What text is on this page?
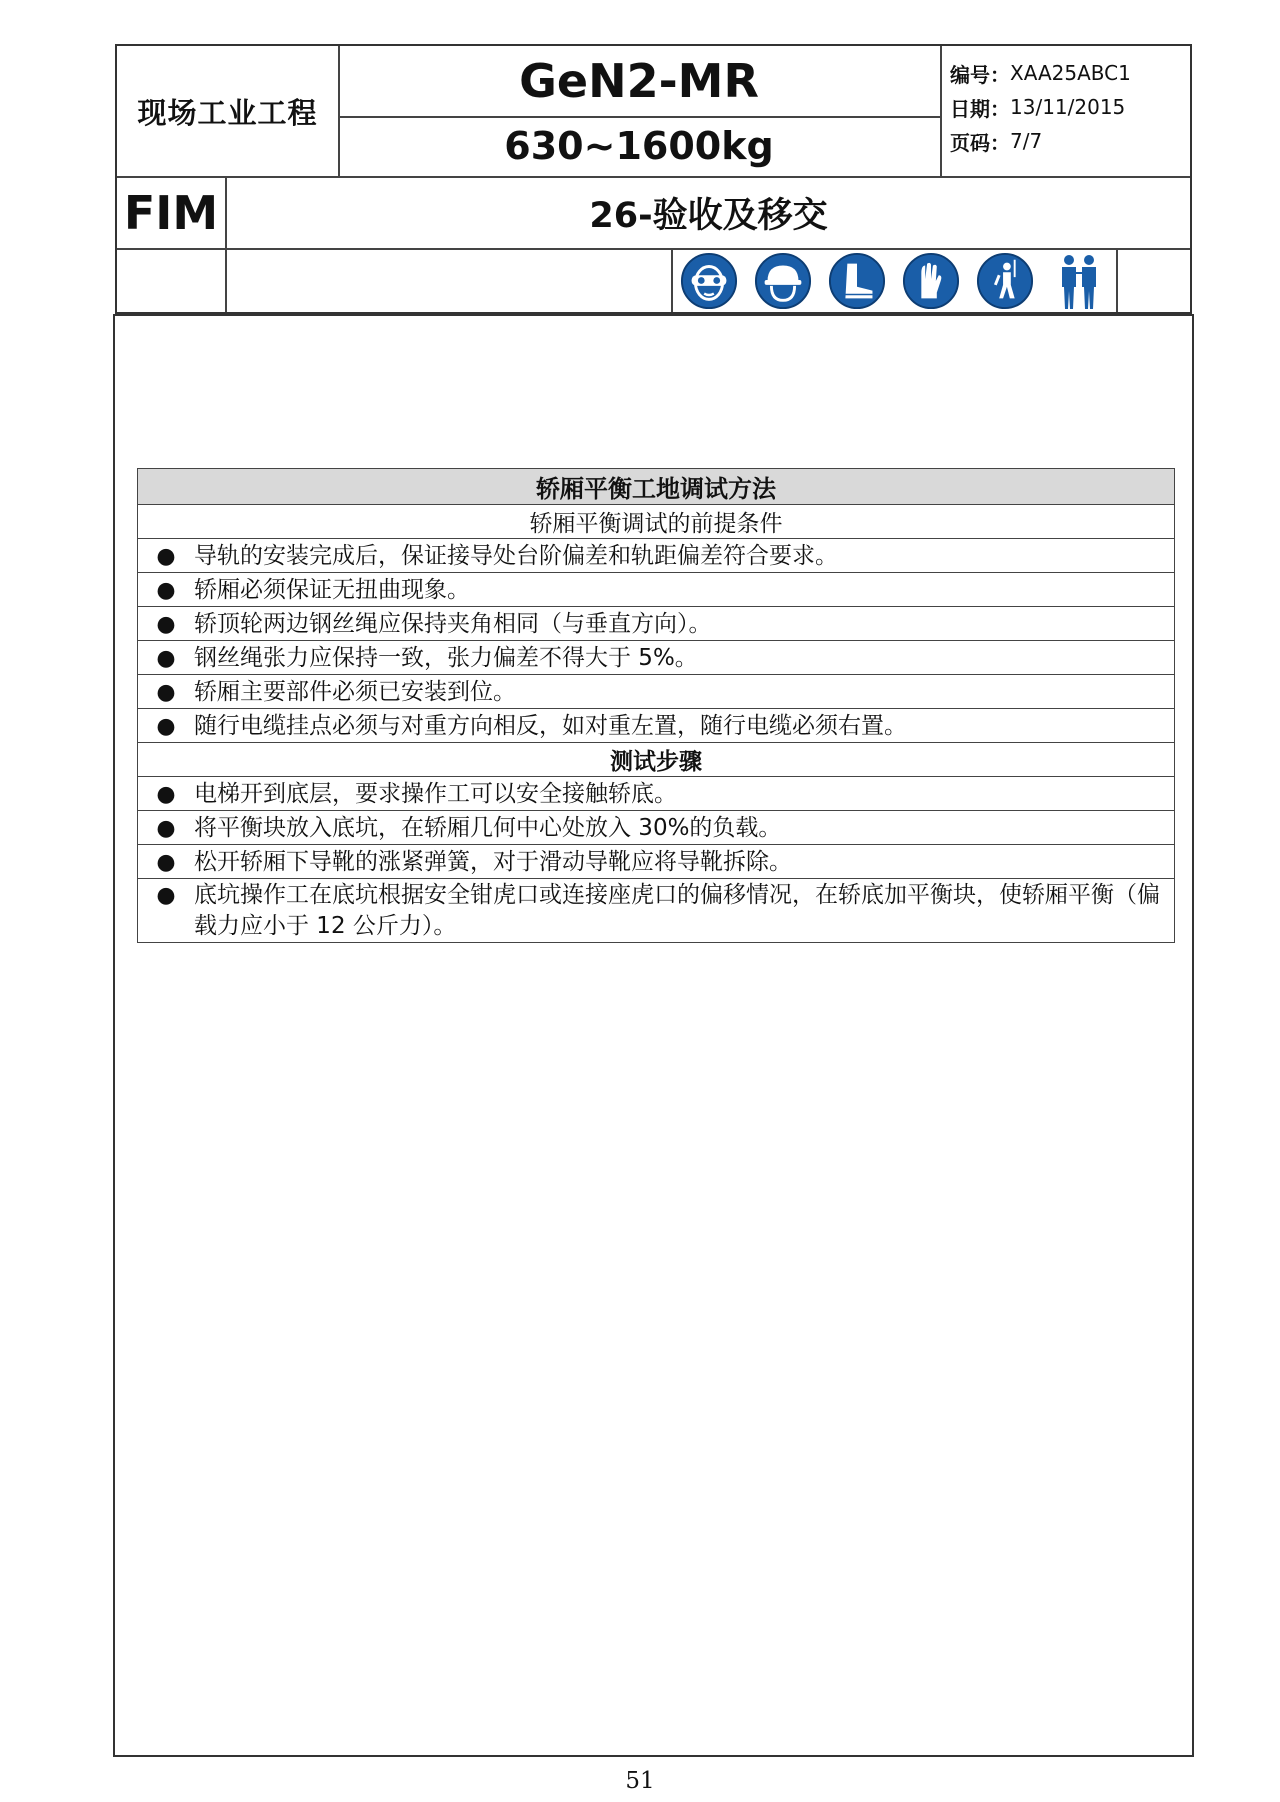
现场工业工程
GeN2-MR
630~1600kg
编号： XAA25ABC1
日期： 13/11/2015
页码： 7/7
FIM	26-验收及移交
轿厢平衡工地调试方法
轿厢平衡调试的前提条件

● 导轨的安装完成后，保证接导处台阶偏差和轨距偏差符合要求。

● 轿厢必须保证无扭曲现象。

● 轿顶轮两边钢丝绳应保持夹角相同（与垂直方向）。

● 钢丝绳张力应保持一致，张力偏差不得大于 5%。

● 轿厢主要部件必须已安装到位。

● 随行电缆挂点必须与对重方向相反，如对重左置，随行电缆必须右置。

测试步骤

● 电梯开到底层，要求操作工可以安全接触轿底。

● 将平衡块放入底坑，在轿厢几何中心处放入 30%的负载。

● 松开轿厢下导靴的涨紧弹簧，对于滑动导靴应将导靴拆除。

● 底坑操作工在底坑根据安全钳虎口或连接座虎口的偏移情况，在轿底加平衡块，使轿厢平衡（偏载力应小于 12 公斤力）。
51
